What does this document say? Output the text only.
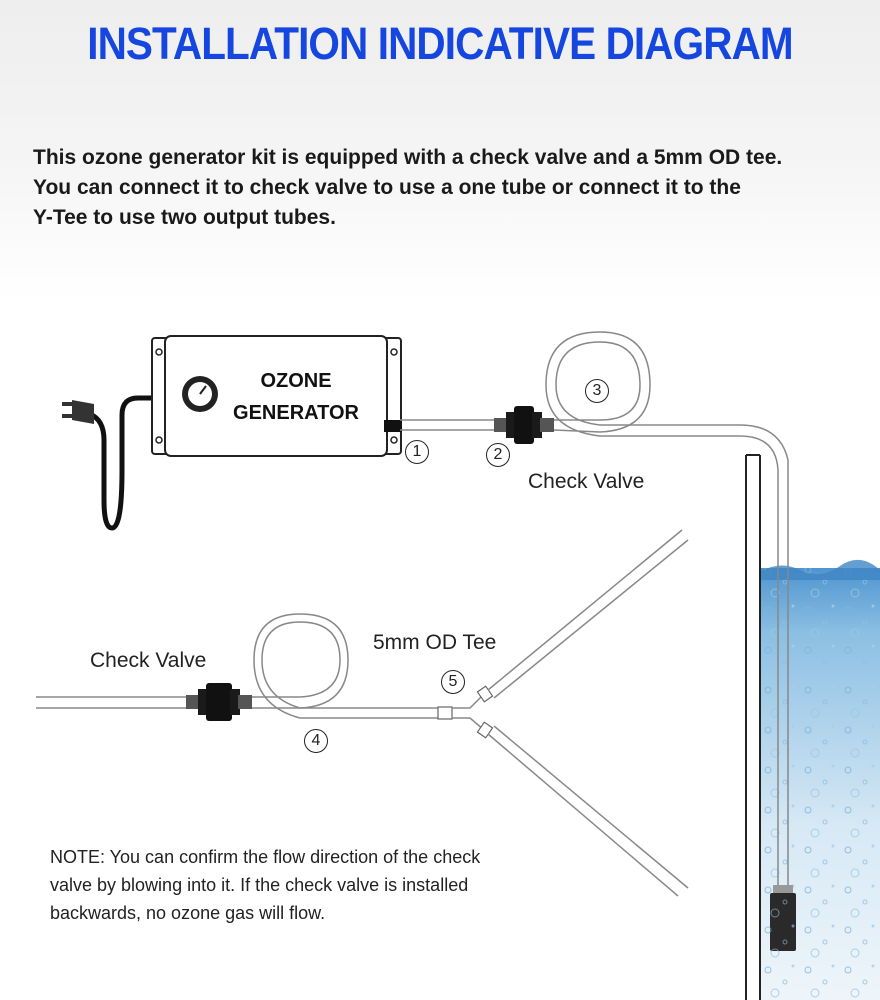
INSTALLATION INDICATIVE DIAGRAM
This ozone generator kit is equipped with a check valve and a 5mm OD tee.
You can connect it to check valve to use a one tube or connect it to the
Y-Tee to use two output tubes.
OZONE
GENERATOR
Check Valve
Check Valve
5mm OD Tee
1	2
3
4
5
NOTE: You can confirm the flow direction of the check
valve by blowing into it. If the check valve is installed
backwards, no ozone gas will flow.
